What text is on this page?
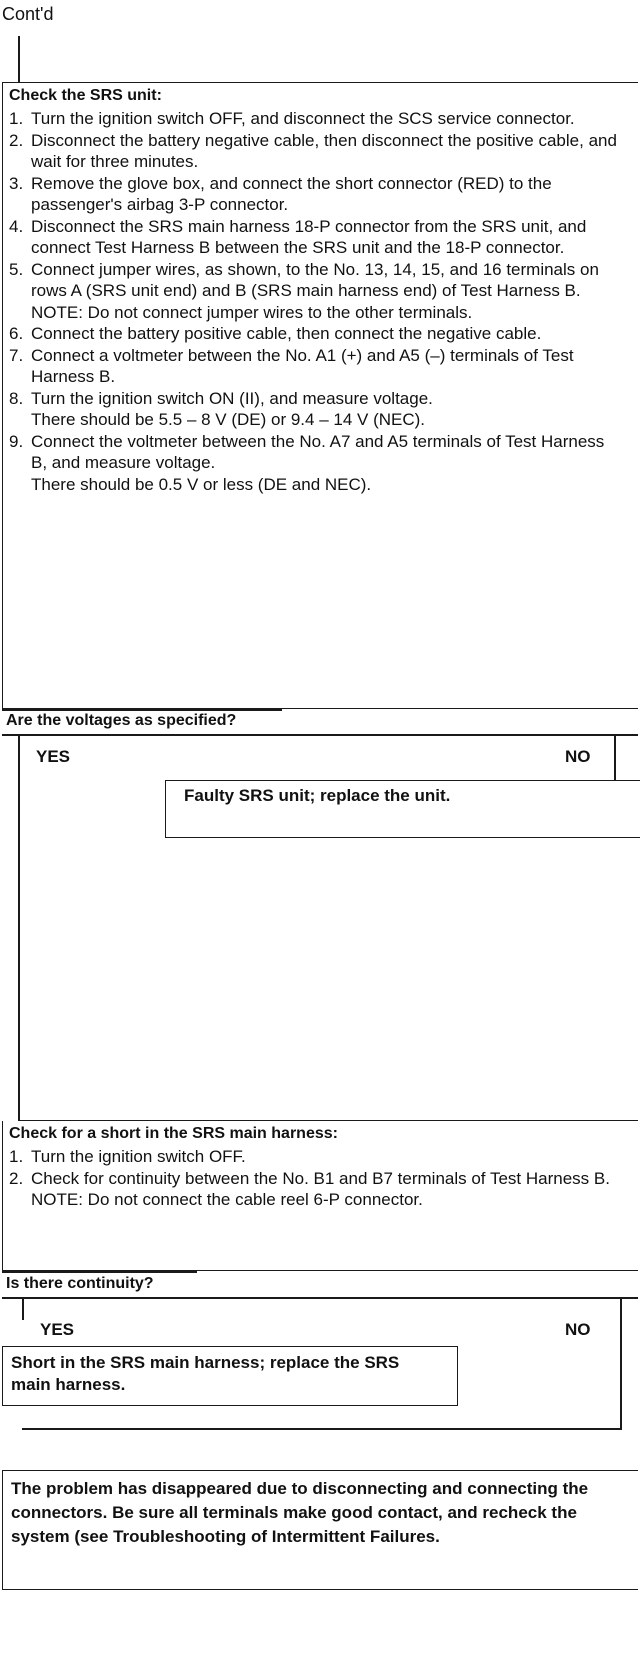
Cont'd
Check the SRS unit:
1. Turn the ignition switch OFF, and disconnect the SCS service connector.
2. Disconnect the battery negative cable, then disconnect the positive cable, and wait for three minutes.
3. Remove the glove box, and connect the short connector (RED) to the passenger's airbag 3-P connector.
4. Disconnect the SRS main harness 18-P connector from the SRS unit, and connect Test Harness B between the SRS unit and the 18-P connector.
5. Connect jumper wires, as shown, to the No. 13, 14, 15, and 16 terminals on rows A (SRS unit end) and B (SRS main harness end) of Test Harness B.
NOTE: Do not connect jumper wires to the other terminals.
6. Connect the battery positive cable, then connect the negative cable.
7. Connect a voltmeter between the No. A1 (+) and A5 (–) terminals of Test Harness B.
8. Turn the ignition switch ON (II), and measure voltage.
There should be 5.5 – 8 V (DE) or 9.4 – 14 V (NEC).
9. Connect the voltmeter between the No. A7 and A5 terminals of Test Harness B, and measure voltage.
There should be 0.5 V or less (DE and NEC).
Are the voltages as specified?
YES	NO
Faulty SRS unit; replace the unit.
Check for a short in the SRS main harness:
1. Turn the ignition switch OFF.
2. Check for continuity between the No. B1 and B7 terminals of Test Harness B.
NOTE: Do not connect the cable reel 6-P connector.
Is there continuity?
YES	NO
Short in the SRS main harness; replace the SRS main harness.
The problem has disappeared due to disconnecting and connecting the connectors. Be sure all terminals make good contact, and recheck the system (see Troubleshooting of Intermittent Failures.
